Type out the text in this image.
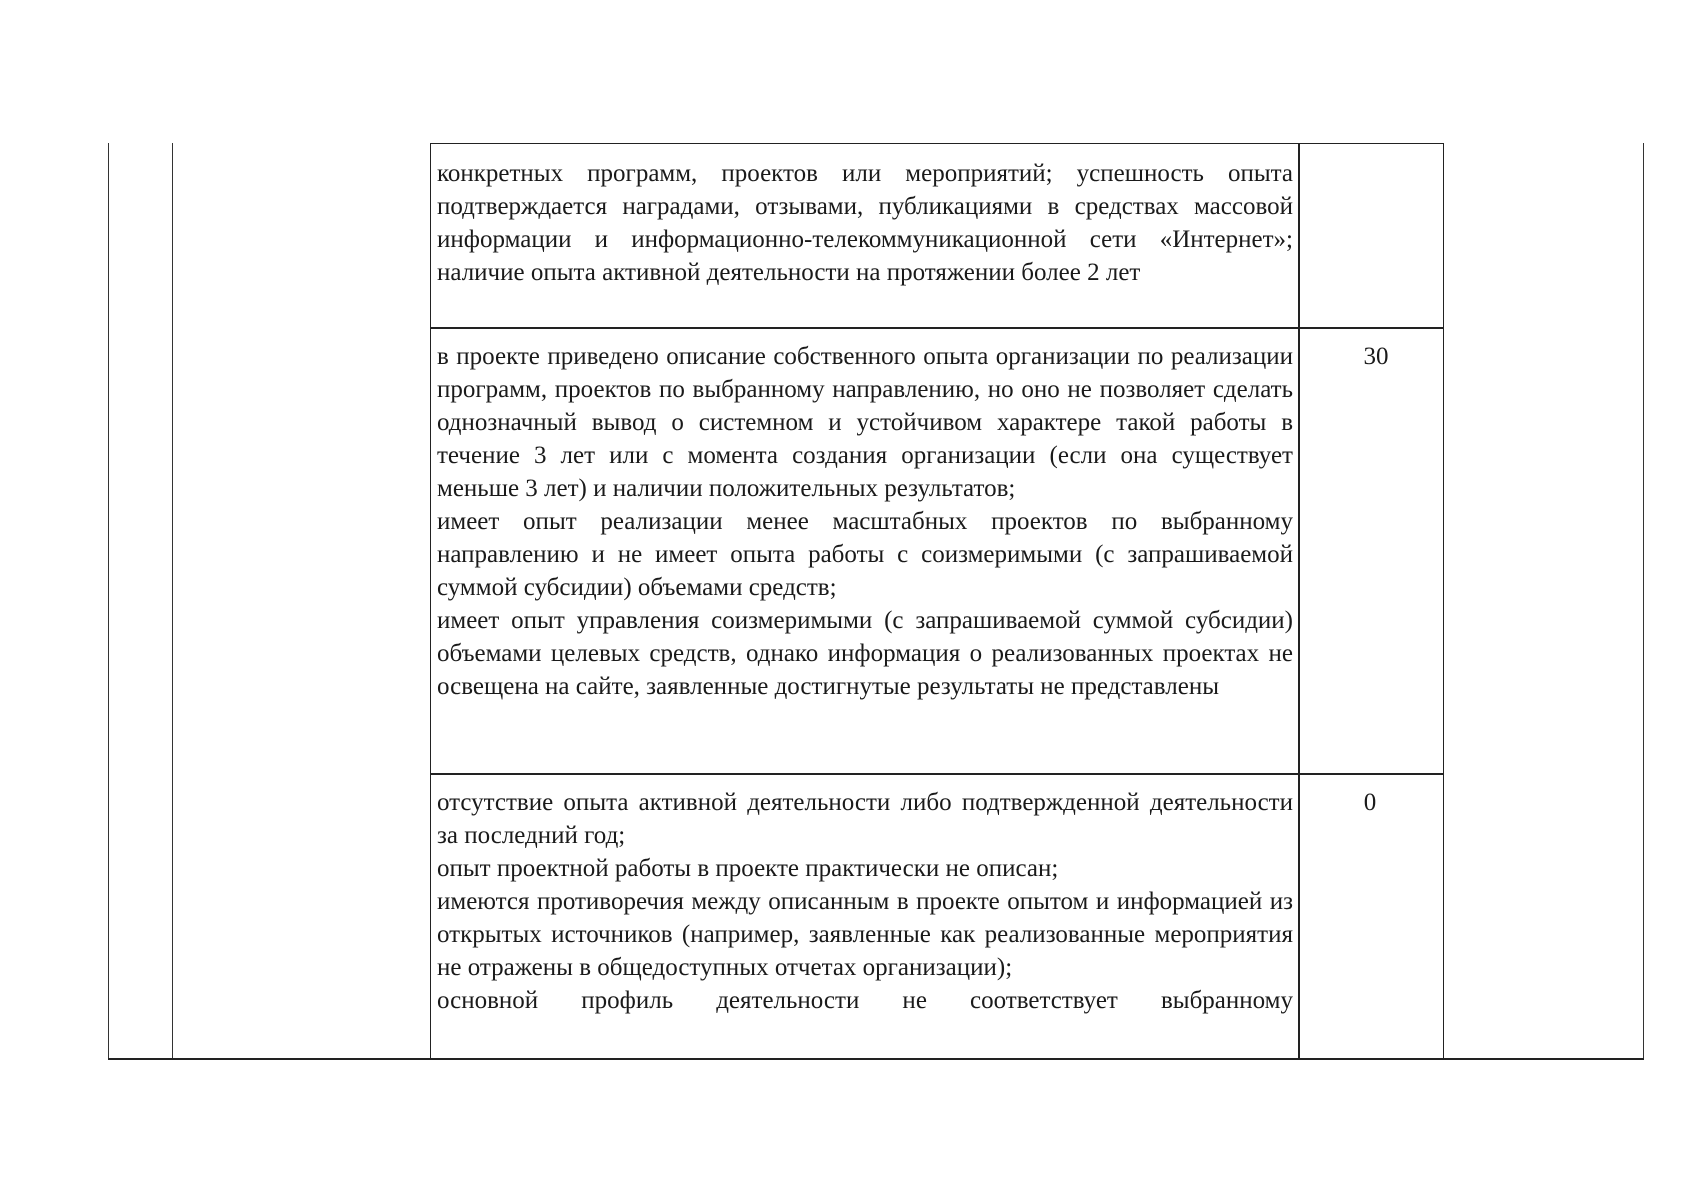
конкретных программ, проектов или мероприятий; успешность опыта подтверждается наградами, отзывами, публикациями в средствах массовой информации и информационно-телекоммуникационной сети «Интернет»;

наличие опыта активной деятельности на протяжении более 2 лет

в проекте приведено описание собственного опыта организации по реализации программ, проектов по выбранному направлению, но оно не позволяет сделать однозначный вывод о системном и устойчивом характере такой работы в течение 3 лет или с момента создания организации (если она существует меньше 3 лет) и наличии положительных результатов;

имеет опыт реализации менее масштабных проектов по выбранному направлению и не имеет опыта работы с соизмеримыми (с запрашиваемой суммой субсидии) объемами средств;

имеет опыт управления соизмеримыми (с запрашиваемой суммой субсидии) объемами целевых средств, однако информация о реализованных проектах не освещена на сайте, заявленные достигнутые результаты не представлены

30

отсутствие опыта активной деятельности либо подтвержденной деятельности за последний год;

опыт проектной работы в проекте практически не описан;

имеются противоречия между описанным в проекте опытом и информацией из открытых источников (например, заявленные как реализованные мероприятия не отражены в общедоступных отчетах организации);

основной профиль деятельности не соответствует выбранному

0
